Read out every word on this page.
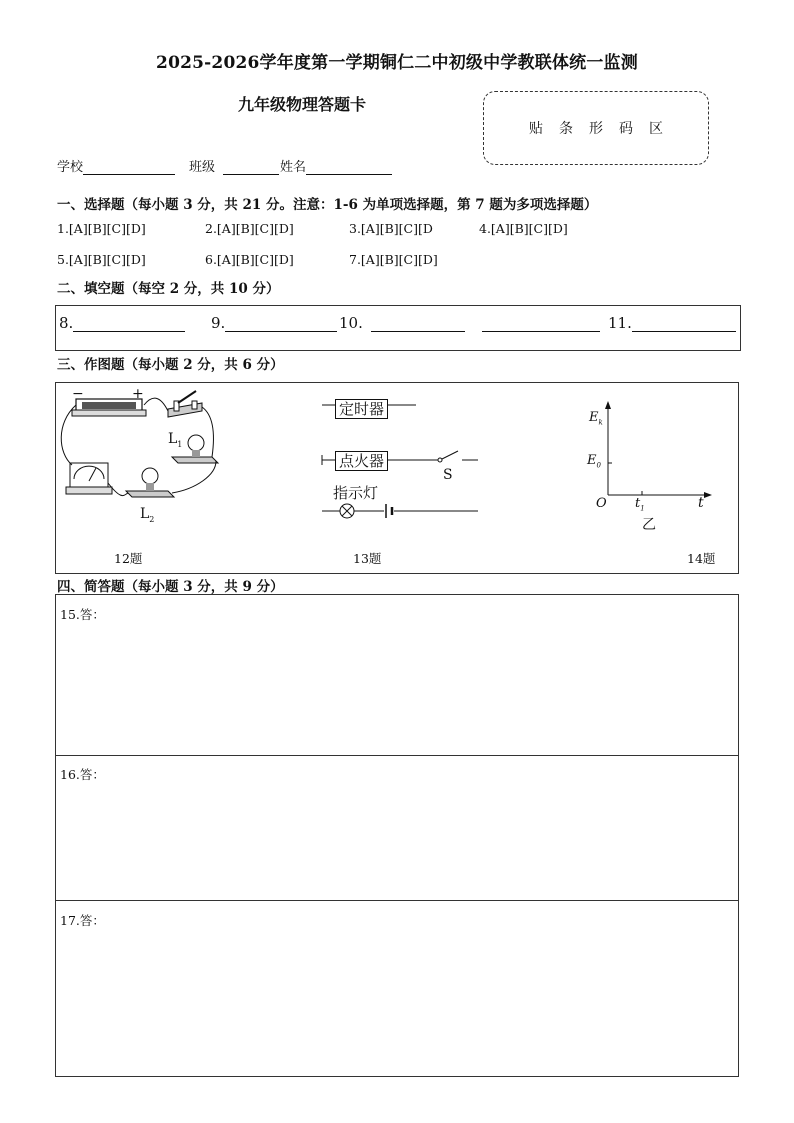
2025-2026学年度第一学期铜仁二中初级中学教联体统一监测
九年级物理答题卡
贴条形码区
学校	班级	姓名
一、选择题（每小题 3 分，共 21 分。注意：1-6 为单项选择题，第 7 题为多项选择题）
1.[A][B][C][D]	2.[A][B][C][D]	3.[A][B][C][D	4.[A][B][C][D]
5.[A][B][C][D]	6.[A][B][C][D]	7.[A][B][C][D]
二、填空题（每空 2 分，共 10 分）
8.	9.	10.	11.
三、作图题（每小题 2 分，共 6 分）
−	+
$L_1$
$L_2$
12题
定时器
点火器
S
指示灯
13题
$E_k$
$E_0$
O $t_1$	t
乙
14题
四、简答题（每小题 3 分，共 9 分）
15.答：
16.答：
17.答：
